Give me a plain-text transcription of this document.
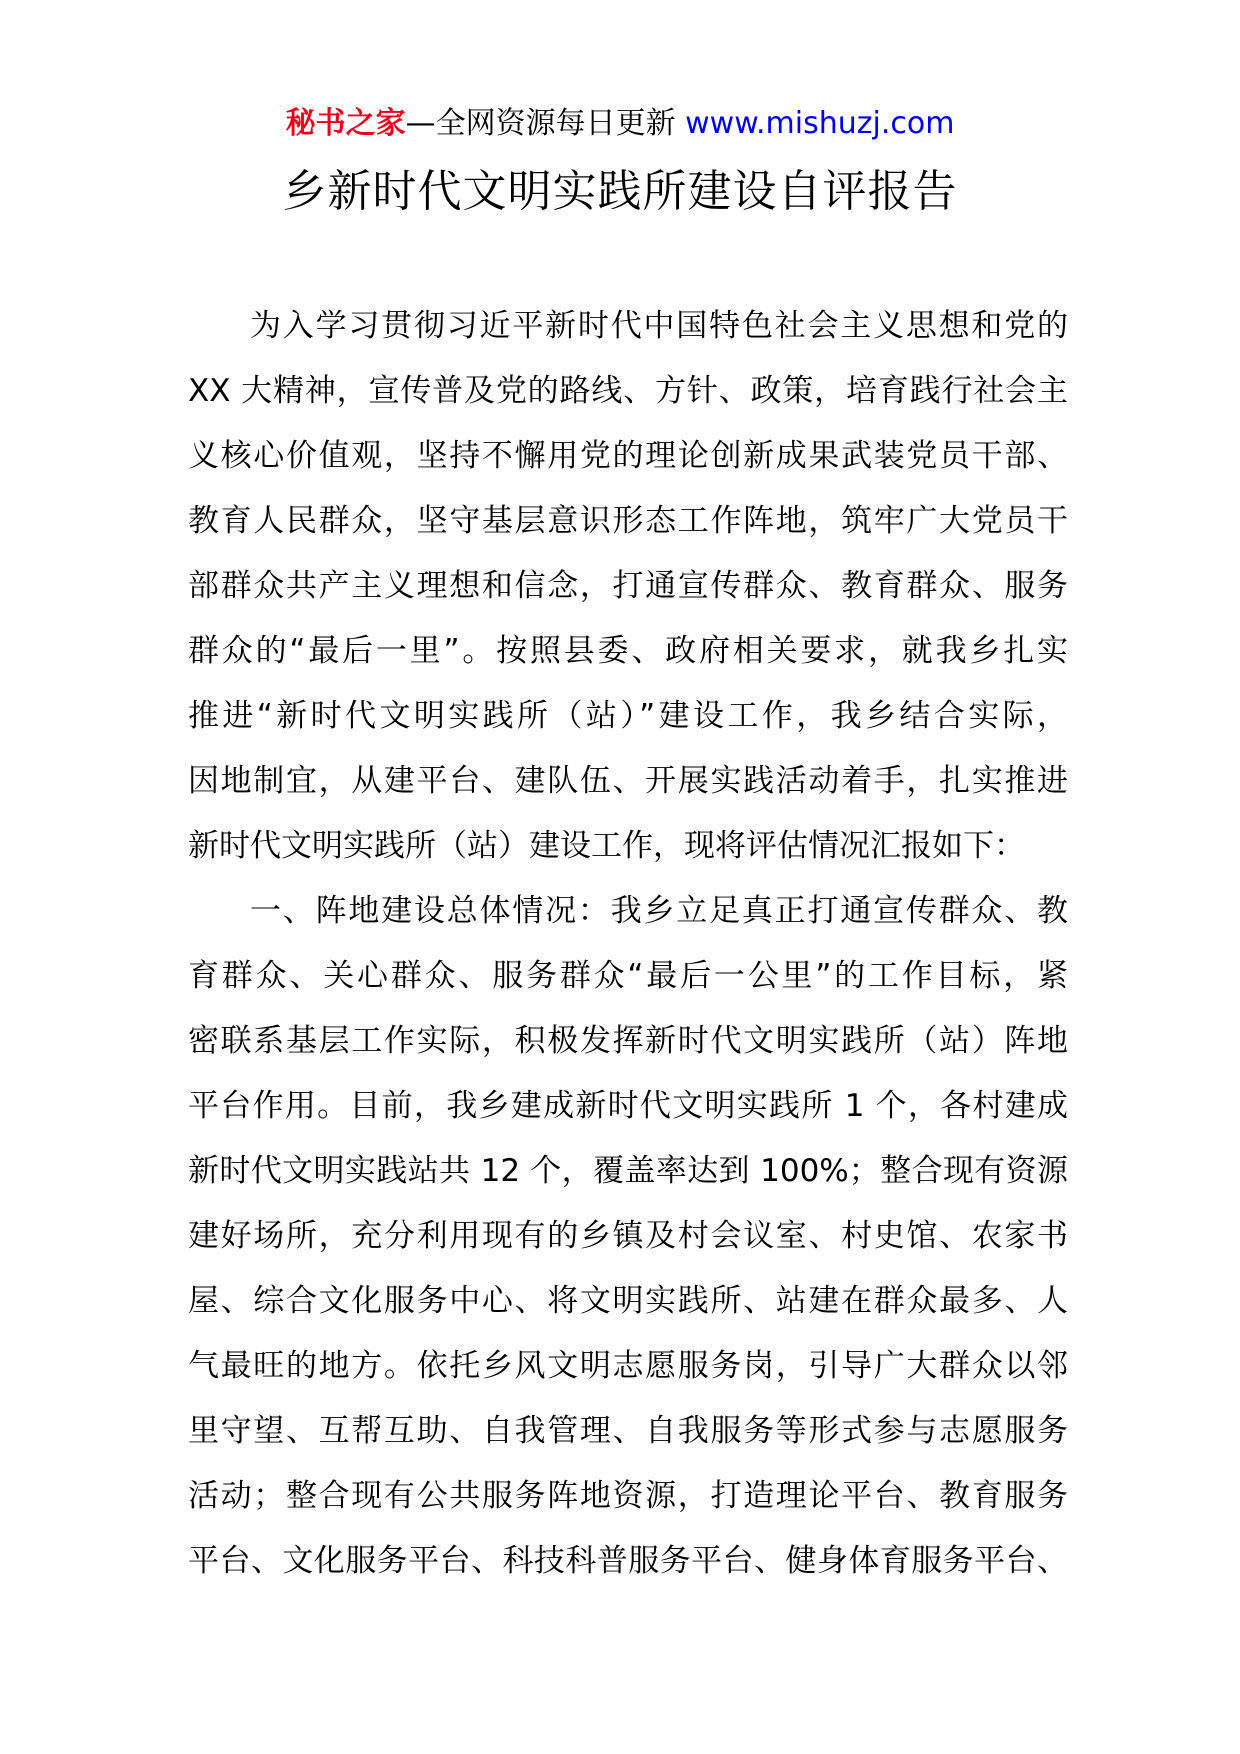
秘书之家—全网资源每日更新 www.mishuzj.com
乡新时代文明实践所建设自评报告
为入学习贯彻习近平新时代中国特色社会主义思想和党的
XX 大精神，宣传普及党的路线、方针、政策，培育践行社会主
义核心价值观，坚持不懈用党的理论创新成果武装党员干部、
教育人民群众，坚守基层意识形态工作阵地，筑牢广大党员干
部群众共产主义理想和信念，打通宣传群众、教育群众、服务
群众的“最后一里”。按照县委、政府相关要求，就我乡扎实
推进“新时代文明实践所（站）”建设工作，我乡结合实际，
因地制宜，从建平台、建队伍、开展实践活动着手，扎实推进
新时代文明实践所（站）建设工作，现将评估情况汇报如下：
一、阵地建设总体情况：我乡立足真正打通宣传群众、教
育群众、关心群众、服务群众“最后一公里”的工作目标，紧
密联系基层工作实际，积极发挥新时代文明实践所（站）阵地
平台作用。目前，我乡建成新时代文明实践所 1 个，各村建成
新时代文明实践站共 12 个，覆盖率达到 100%；整合现有资源
建好场所，充分利用现有的乡镇及村会议室、村史馆、农家书
屋、综合文化服务中心、将文明实践所、站建在群众最多、人
气最旺的地方。依托乡风文明志愿服务岗，引导广大群众以邻
里守望、互帮互助、自我管理、自我服务等形式参与志愿服务
活动；整合现有公共服务阵地资源，打造理论平台、教育服务
平台、文化服务平台、科技科普服务平台、健身体育服务平台、
